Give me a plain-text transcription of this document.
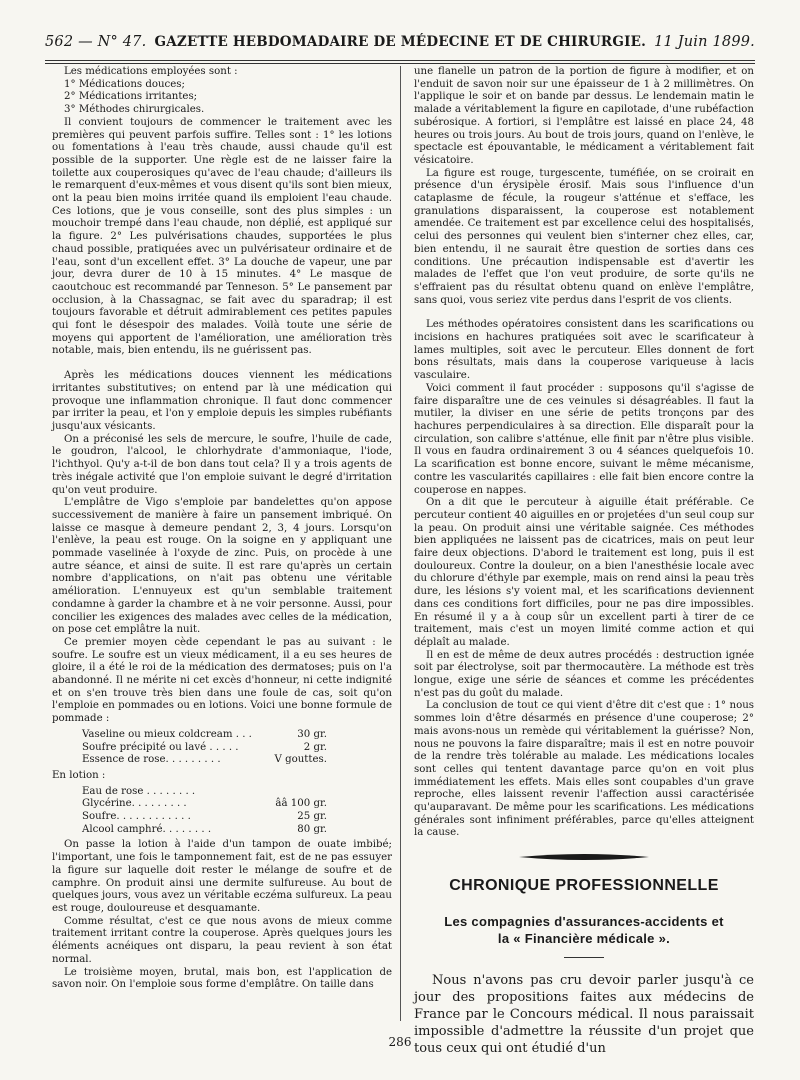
562 — N° 47. GAZETTE HEBDOMADAIRE DE MÉDECINE ET DE CHIRURGIE. 11 Juin 1899.

Les médications employées sont :

1° Médications douces;

2° Médications irritantes;

3° Méthodes chirurgicales.

Il convient toujours de commencer le traitement avec les premières qui peuvent parfois suffire. Telles sont : 1° les lotions ou fomentations à l'eau très chaude, aussi chaude qu'il est possible de la supporter. Une règle est de ne laisser faire la toilette aux couperosiques qu'avec de l'eau chaude; d'ailleurs ils le remarquent d'eux-mêmes et vous disent qu'ils sont bien mieux, ont la peau bien moins irritée quand ils emploient l'eau chaude. Ces lotions, que je vous conseille, sont des plus simples : un mouchoir trempé dans l'eau chaude, non déplié, est appliqué sur la figure. 2° Les pulvérisations chaudes, supportées le plus chaud possible, pratiquées avec un pulvérisateur ordinaire et de l'eau, sont d'un excellent effet. 3° La douche de vapeur, une par jour, devra durer de 10 à 15 minutes. 4° Le masque de caoutchouc est recommandé par Tenneson. 5° Le pansement par occlusion, à la Chassagnac, se fait avec du sparadrap; il est toujours favorable et détruit admirablement ces petites papules qui font le désespoir des malades. Voilà toute une série de moyens qui apportent de l'amélioration, une amélioration très notable, mais, bien entendu, ils ne guérissent pas.

Après les médications douces viennent les médications irritantes substitutives; on entend par là une médication qui provoque une inflammation chronique. Il faut donc commencer par irriter la peau, et l'on y emploie depuis les simples rubéfiants jusqu'aux vésicants.

On a préconisé les sels de mercure, le soufre, l'huile de cade, le goudron, l'alcool, le chlorhydrate d'ammoniaque, l'iode, l'ichthyol. Qu'y a-t-il de bon dans tout cela? Il y a trois agents de très inégale activité que l'on emploie suivant le degré d'irritation qu'on veut produire.

L'emplâtre de Vigo s'emploie par bandelettes qu'on appose successivement de manière à faire un pansement imbriqué. On laisse ce masque à demeure pendant 2, 3, 4 jours. Lorsqu'on l'enlève, la peau est rouge. On la soigne en y appliquant une pommade vaselinée à l'oxyde de zinc. Puis, on procède à une autre séance, et ainsi de suite. Il est rare qu'après un certain nombre d'applications, on n'ait pas obtenu une véritable amélioration. L'ennuyeux est qu'un semblable traitement condamne à garder la chambre et à ne voir personne. Aussi, pour concilier les exigences des malades avec celles de la médication, on pose cet emplâtre la nuit.

Ce premier moyen cède cependant le pas au suivant : le soufre. Le soufre est un vieux médicament, il a eu ses heures de gloire, il a été le roi de la médication des dermatoses; puis on l'a abandonné. Il ne mérite ni cet excès d'honneur, ni cette indignité et on s'en trouve très bien dans une foule de cas, soit qu'on l'emploie en pommades ou en lotions. Voici une bonne formule de pommade :

Vaseline ou mieux coldcream . . .	30 gr.
Soufre précipité ou lavé . . . . .	2 gr.
Essence de rose. . . . . . . . .	V gouttes.

En lotion :

Eau de rose . . . . . . . .
Glycérine. . . . . . . . .	ââ 100 gr.
Soufre. . . . . . . . . . . .	25 gr.
Alcool camphré. . . . . . . .	80 gr.

On passe la lotion à l'aide d'un tampon de ouate imbibé; l'important, une fois le tamponnement fait, est de ne pas essuyer la figure sur laquelle doit rester le mélange de soufre et de camphre. On produit ainsi une dermite sulfureuse. Au bout de quelques jours, vous avez un véritable eczéma sulfureux. La peau est rouge, douloureuse et desquamante.

Comme résultat, c'est ce que nous avons de mieux comme traitement irritant contre la couperose. Après quelques jours les éléments acnéiques ont disparu, la peau revient à son état normal.

Le troisième moyen, brutal, mais bon, est l'application de savon noir. On l'emploie sous forme d'emplâtre. On taille dans

une flanelle un patron de la portion de figure à modifier, et on l'enduit de savon noir sur une épaisseur de 1 à 2 millimètres. On l'applique le soir et on bande par dessus. Le lendemain matin le malade a véritablement la figure en capilotade, d'une rubéfaction subérosique. A fortiori, si l'emplâtre est laissé en place 24, 48 heures ou trois jours. Au bout de trois jours, quand on l'enlève, le spectacle est épouvantable, le médicament a véritablement fait vésicatoire.

La figure est rouge, turgescente, tuméfiée, on se croirait en présence d'un érysipèle érosif. Mais sous l'influence d'un cataplasme de fécule, la rougeur s'atténue et s'efface, les granulations disparaissent, la couperose est notablement amendée. Ce traitement est par excellence celui des hospitalisés, celui des personnes qui veulent bien s'interner chez elles, car, bien entendu, il ne saurait être question de sorties dans ces conditions. Une précaution indispensable est d'avertir les malades de l'effet que l'on veut produire, de sorte qu'ils ne s'effraient pas du résultat obtenu quand on enlève l'emplâtre, sans quoi, vous seriez vite perdus dans l'esprit de vos clients.

Les méthodes opératoires consistent dans les scarifications ou incisions en hachures pratiquées soit avec le scarificateur à lames multiples, soit avec le percuteur. Elles donnent de fort bons résultats, mais dans la couperose variqueuse à lacis vasculaire.

Voici comment il faut procéder : supposons qu'il s'agisse de faire disparaître une de ces veinules si désagréables. Il faut la mutiler, la diviser en une série de petits tronçons par des hachures perpendiculaires à sa direction. Elle disparaît pour la circulation, son calibre s'atténue, elle finit par n'être plus visible. Il vous en faudra ordinairement 3 ou 4 séances quelquefois 10. La scarification est bonne encore, suivant le même mécanisme, contre les vascularités capillaires : elle fait bien encore contre la couperose en nappes.

On a dit que le percuteur à aiguille était préférable. Ce percuteur contient 40 aiguilles en or projetées d'un seul coup sur la peau. On produit ainsi une véritable saignée. Ces méthodes bien appliquées ne laissent pas de cicatrices, mais on peut leur faire deux objections. D'abord le traitement est long, puis il est douloureux. Contre la douleur, on a bien l'anesthésie locale avec du chlorure d'éthyle par exemple, mais on rend ainsi la peau très dure, les lésions s'y voient mal, et les scarifications deviennent dans ces conditions fort difficiles, pour ne pas dire impossibles. En résumé il y a à coup sûr un excellent parti à tirer de ce traitement, mais c'est un moyen limité comme action et qui déplaît au malade.

Il en est de même de deux autres procédés : destruction ignée soit par électrolyse, soit par thermocautère. La méthode est très longue, exige une série de séances et comme les précédentes n'est pas du goût du malade.

La conclusion de tout ce qui vient d'être dit c'est que : 1° nous sommes loin d'être désarmés en présence d'une couperose; 2° mais avons-nous un remède qui véritablement la guérisse? Non, nous ne pouvons la faire disparaître; mais il est en notre pouvoir de la rendre très tolérable au malade. Les médications locales sont celles qui tentent davantage parce qu'on en voit plus immédiatement les effets. Mais elles sont coupables d'un grave reproche, elles laissent revenir l'affection aussi caractérisée qu'auparavant. De même pour les scarifications. Les médications générales sont infiniment préférables, parce qu'elles atteignent la cause.

CHRONIQUE PROFESSIONNELLE
Les compagnies d'assurances-accidents et
la « Financière médicale ».

Nous n'avons pas cru devoir parler jusqu'à ce jour des propositions faites aux médecins de France par le Concours médical. Il nous paraissait impossible d'admettre la réussite d'un projet que tous ceux qui ont étudié d'un

286
